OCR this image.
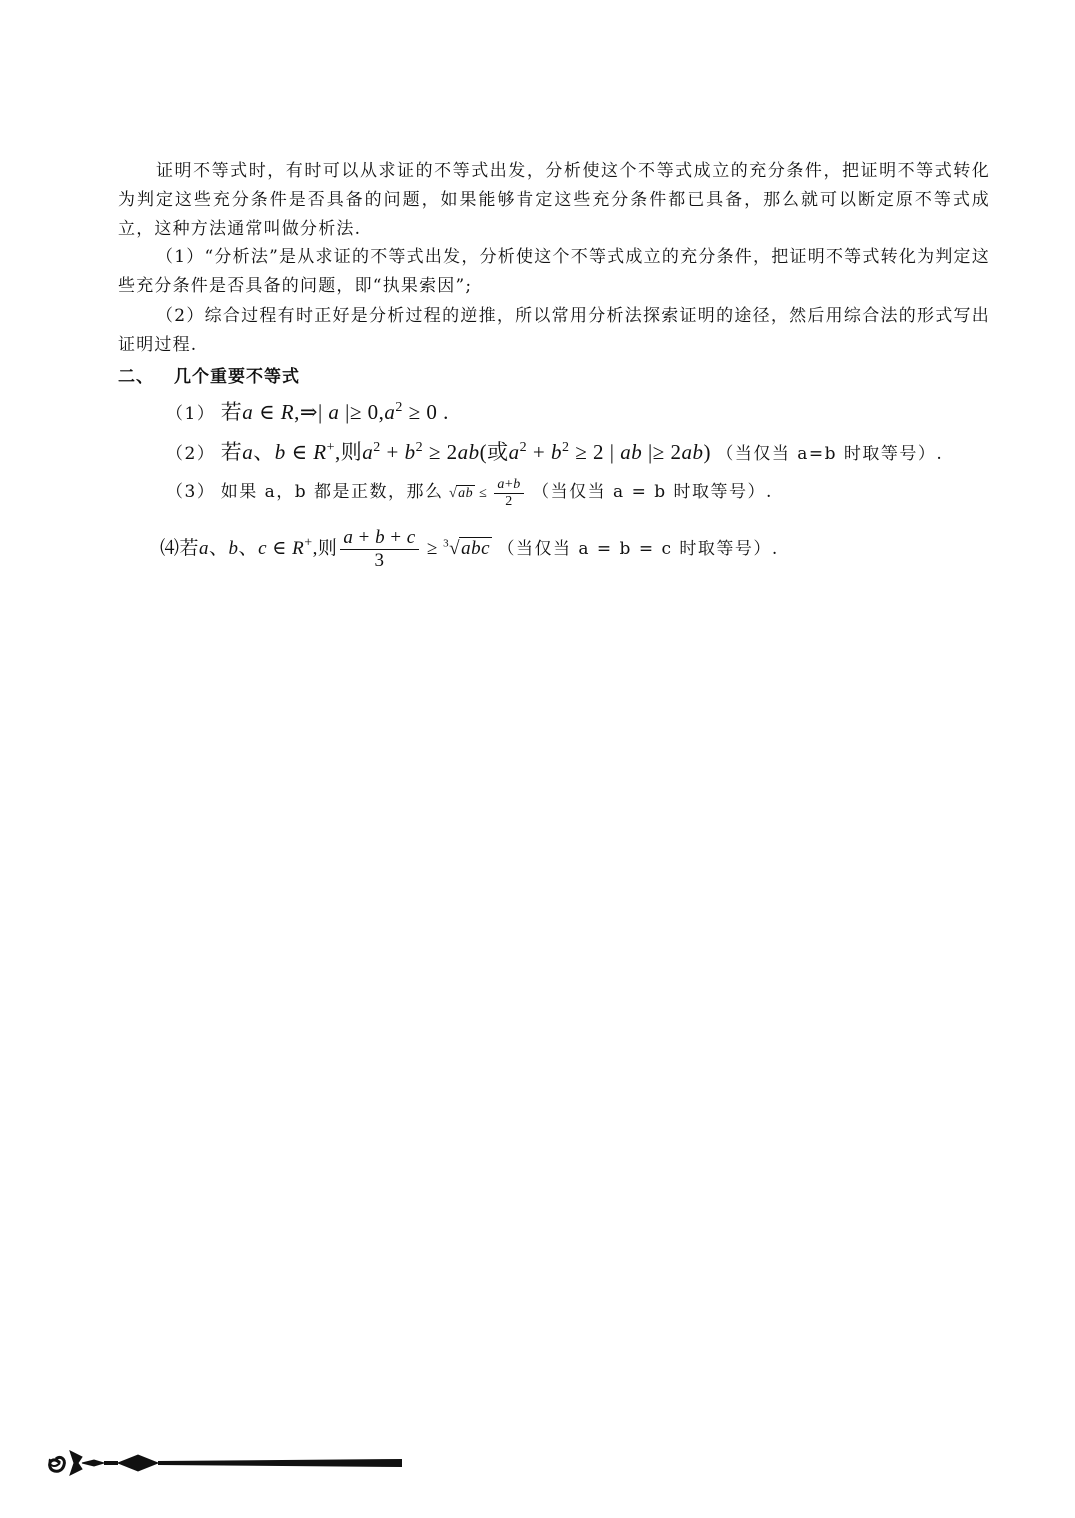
证明不等式时，有时可以从求证的不等式出发，分析使这个不等式成立的充分条件，把证明不等式转化为判定这些充分条件是否具备的问题，如果能够肯定这些充分条件都已具备，那么就可以断定原不等式成立，这种方法通常叫做分析法.
（1）“分析法”是从求证的不等式出发，分析使这个不等式成立的充分条件，把证明不等式转化为判定这些充分条件是否具备的问题，即“执果索因”;
（2）综合过程有时正好是分析过程的逆推，所以常用分析法探索证明的途径，然后用综合法的形式写出证明过程.
二、 几个重要不等式
（1） 若a ∈ R,⇒| a |≥ $0,a^2 \ge 0$ .
（2） 若a、b ∈ R+,则$a^2 + b^2 \ge 2ab$(或$a^2 + b^2 \ge 2$ | ab |≥ 2ab) （当仅当 a=b 时取等号）.
（3） 如果 a，b 都是正数，那么 $√ab \le \frac{a+b}{2}$ （当仅当 a = b 时取等号）.
⑷若a、b、c ∈ R+,则 $\frac{a + b + c}{3} \ge ^3√abc$ （当仅当 a = b = c 时取等号）.
